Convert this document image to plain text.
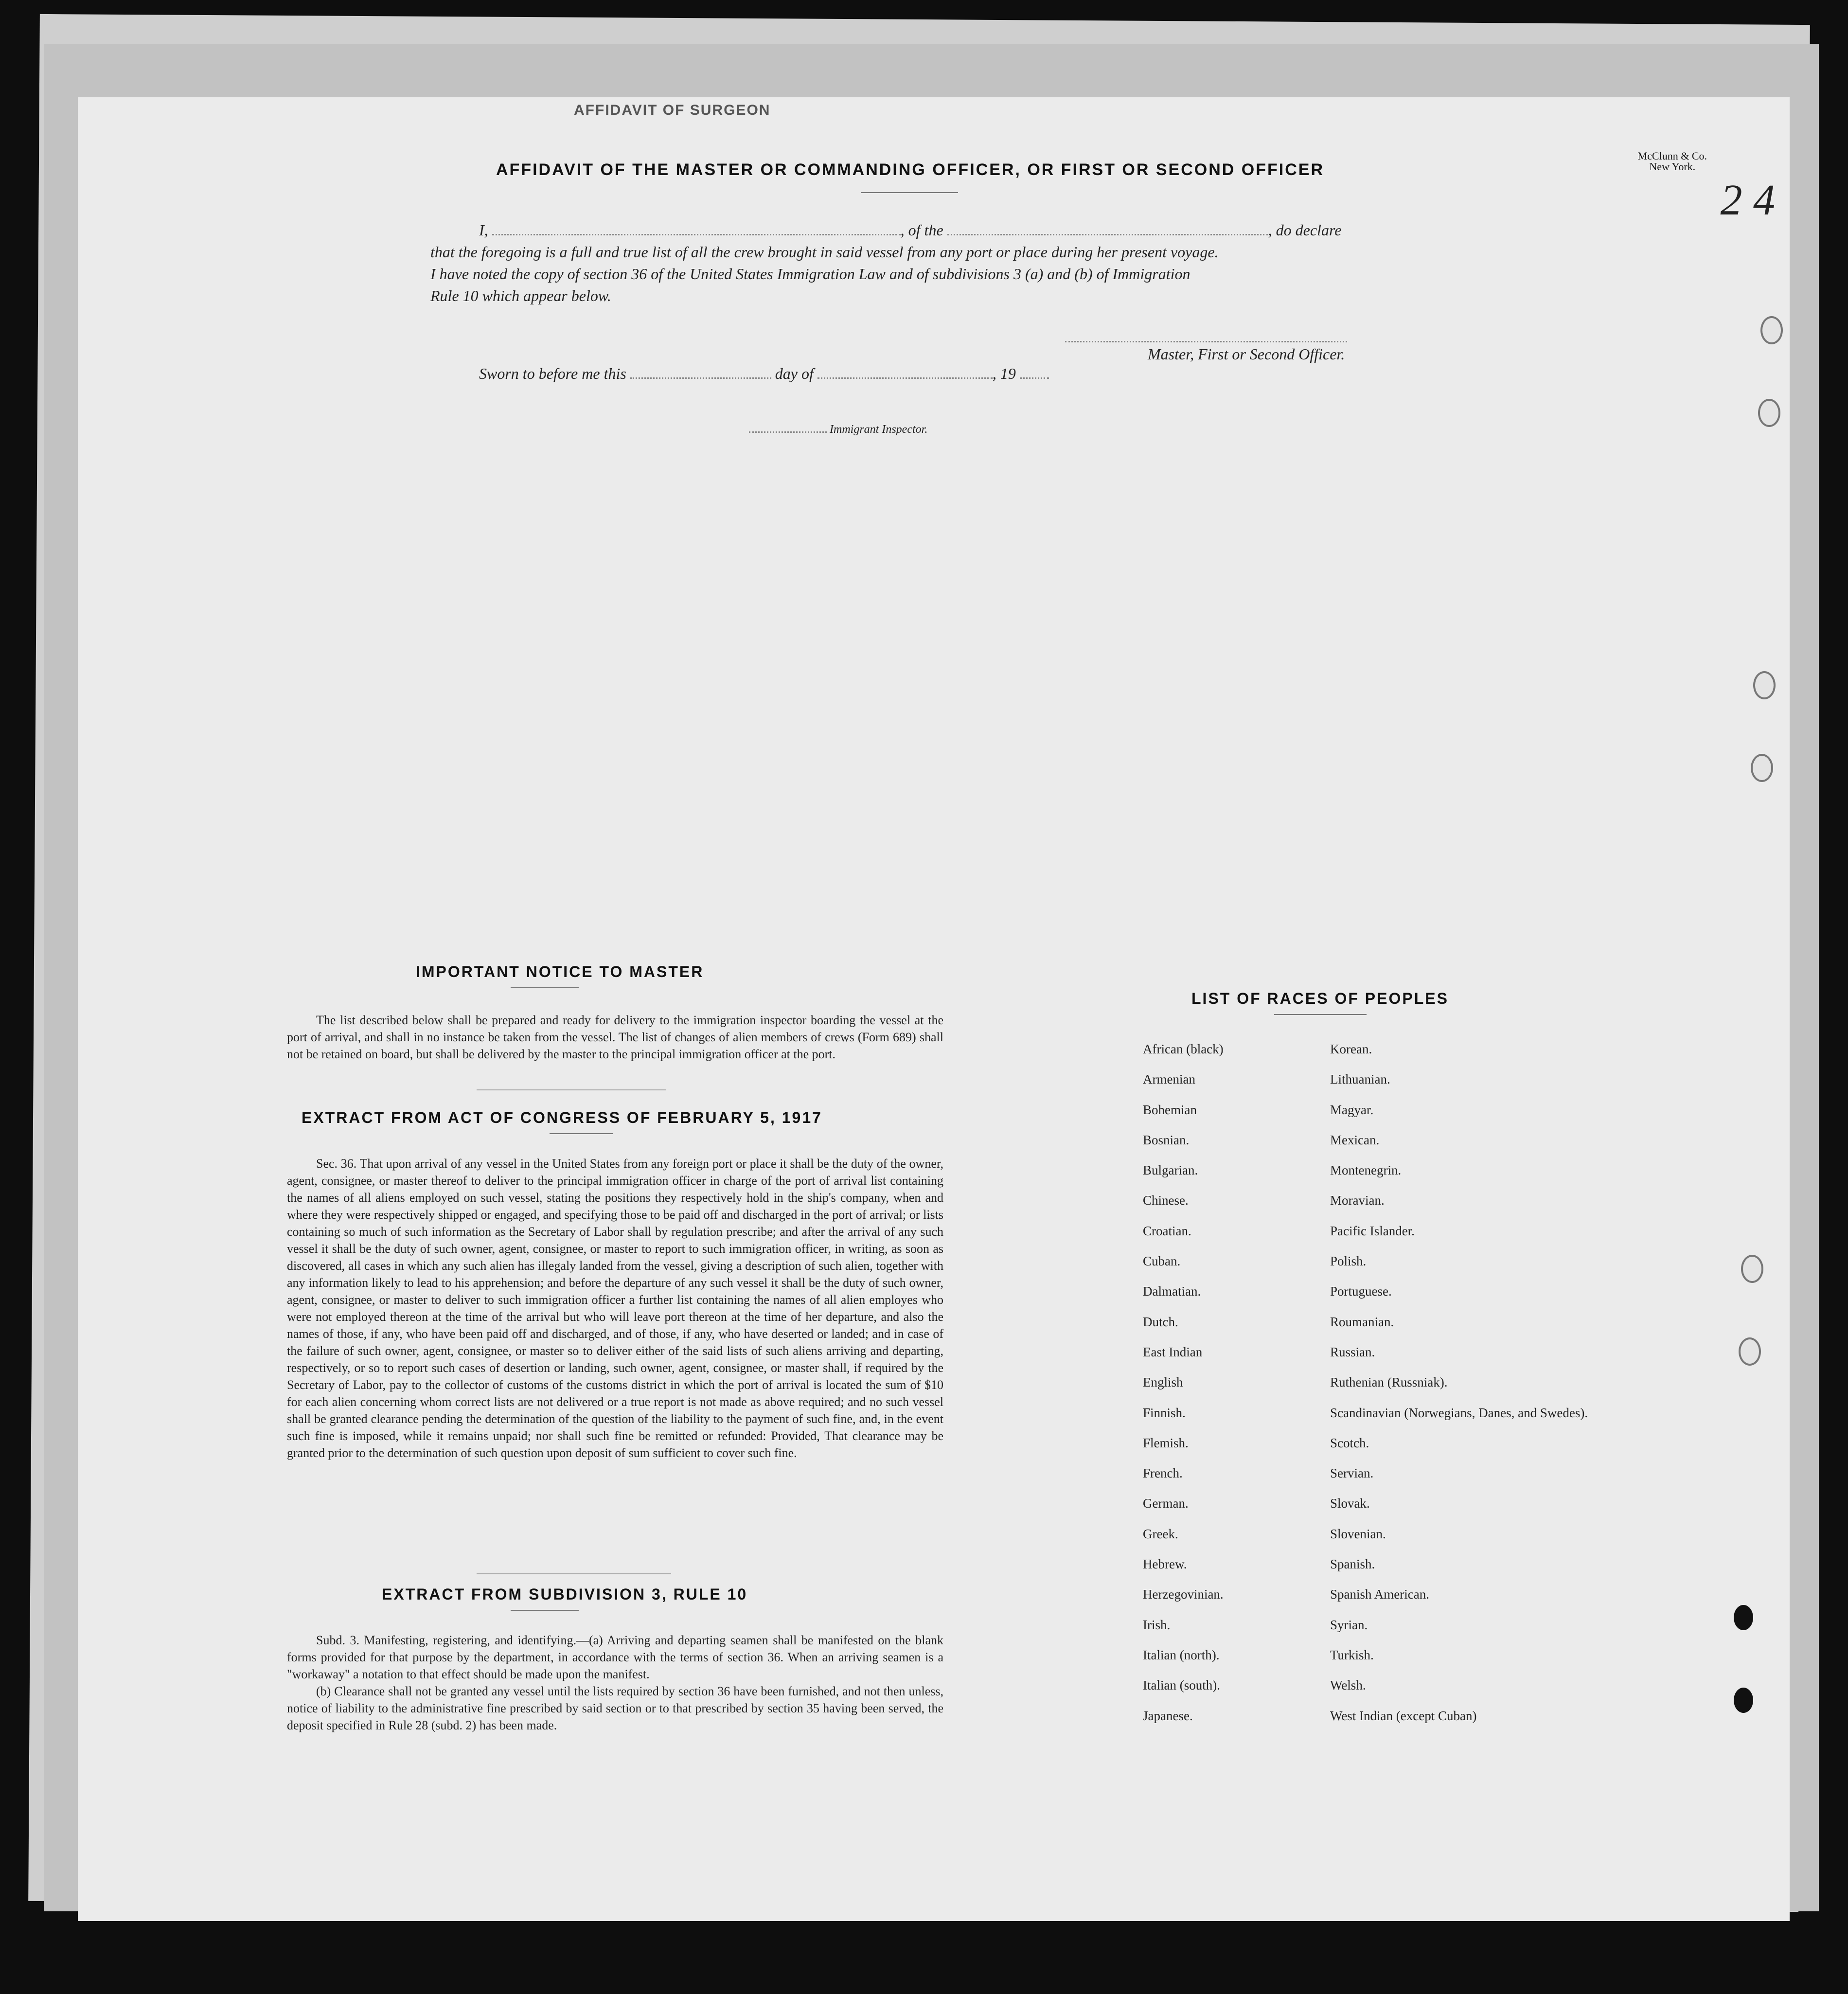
AFFIDAVIT OF SURGEON
McClunn & Co.
New York.
2 4
AFFIDAVIT OF THE MASTER OR COMMANDING OFFICER, OR FIRST OR SECOND OFFICER
I,	, of the	, do declare
that the foregoing is a full and true list of all the crew brought in said vessel from any port or place during her present voyage.
I have noted the copy of section 36 of the United States Immigration Law and of subdivisions 3 (a) and (b) of Immigration
Rule 10 which appear below.
Master, First or Second Officer.
Sworn to before me this	day of	, 19
Immigrant Inspector.
IMPORTANT NOTICE TO MASTER

The list described below shall be prepared and ready for delivery to the immigration inspector boarding the vessel at the port of arrival, and shall in no instance be taken from the vessel. The list of changes of alien members of crews (Form 689) shall not be retained on board, but shall be delivered by the master to the principal immigration officer at the port.

EXTRACT FROM ACT OF CONGRESS OF FEBRUARY 5, 1917

Sec. 36. That upon arrival of any vessel in the United States from any foreign port or place it shall be the duty of the owner, agent, consignee, or master thereof to deliver to the principal immigration officer in charge of the port of arrival list containing the names of all aliens employed on such vessel, stating the positions they respectively hold in the ship's company, when and where they were respectively shipped or engaged, and specifying those to be paid off and discharged in the port of arrival; or lists containing so much of such information as the Secretary of Labor shall by regulation prescribe; and after the arrival of any such vessel it shall be the duty of such owner, agent, consignee, or master to report to such immigration officer, in writing, as soon as discovered, all cases in which any such alien has illegaly landed from the vessel, giving a description of such alien, together with any information likely to lead to his apprehension; and before the departure of any such vessel it shall be the duty of such owner, agent, consignee, or master to deliver to such immigration officer a further list containing the names of all alien employes who were not employed thereon at the time of the arrival but who will leave port thereon at the time of her departure, and also the names of those, if any, who have been paid off and discharged, and of those, if any, who have deserted or landed; and in case of the failure of such owner, agent, consignee, or master so to deliver either of the said lists of such aliens arriving and departing, respectively, or so to report such cases of desertion or landing, such owner, agent, consignee, or master shall, if required by the Secretary of Labor, pay to the collector of customs of the customs district in which the port of arrival is located the sum of $10 for each alien concerning whom correct lists are not delivered or a true report is not made as above required; and no such vessel shall be granted clearance pending the determination of the question of the liability to the payment of such fine, and, in the event such fine is imposed, while it remains unpaid; nor shall such fine be remitted or refunded: Provided, That clearance may be granted prior to the determination of such question upon deposit of sum sufficient to cover such fine.

EXTRACT FROM SUBDIVISION 3, RULE 10

Subd. 3. Manifesting, registering, and identifying.—(a) Arriving and departing seamen shall be manifested on the blank forms provided for that purpose by the department, in accordance with the terms of section 36. When an arriving seamen is a "workaway" a notation to that effect should be made upon the manifest.

(b) Clearance shall not be granted any vessel until the lists required by section 36 have been furnished, and not then unless, notice of liability to the administrative fine prescribed by said section or to that prescribed by section 35 having been served, the deposit specified in Rule 28 (subd. 2) has been made.

LIST OF RACES OF PEOPLES
African (black)
Armenian
Bohemian
Bosnian.
Bulgarian.
Chinese.
Croatian.
Cuban.
Dalmatian.
Dutch.
East Indian
English
Finnish.
Flemish.
French.
German.
Greek.
Hebrew.
Herzegovinian.
Irish.
Italian (north).
Italian (south).
Japanese.
Korean.
Lithuanian.
Magyar.
Mexican.
Montenegrin.
Moravian.
Pacific Islander.
Polish.
Portuguese.
Roumanian.
Russian.
Ruthenian (Russniak).
Scandinavian (Norwegians, Danes, and Swedes).
Scotch.
Servian.
Slovak.
Slovenian.
Spanish.
Spanish American.
Syrian.
Turkish.
Welsh.
West Indian (except Cuban)
